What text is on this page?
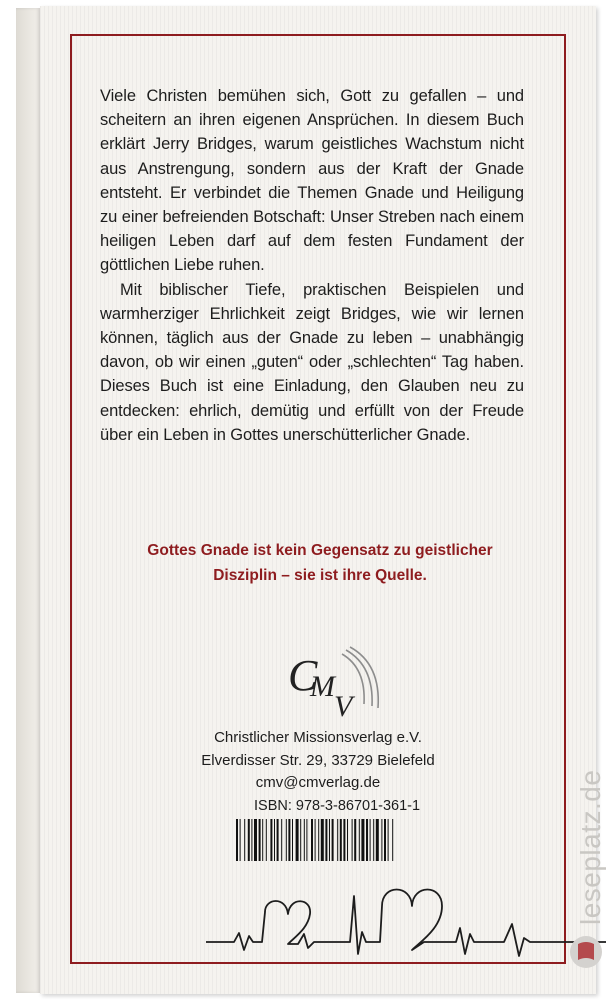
Viele Christen bemühen sich, Gott zu gefallen – und scheitern an ihren eigenen Ansprüchen. In diesem Buch erklärt Jerry Bridges, warum geistliches Wachstum nicht aus Anstrengung, sondern aus der Kraft der Gnade entsteht. Er verbindet die Themen Gnade und Heiligung zu einer befreienden Botschaft: Unser Streben nach einem heiligen Leben darf auf dem festen Fundament der göttlichen Liebe ruhen.

Mit biblischer Tiefe, praktischen Beispielen und warmherziger Ehrlichkeit zeigt Bridges, wie wir lernen können, täglich aus der Gnade zu leben – unabhängig davon, ob wir einen „guten“ oder „schlechten“ Tag haben. Dieses Buch ist eine Einladung, den Glauben neu zu entdecken: ehrlich, demütig und erfüllt von der Freude über ein Leben in Gottes unerschütterlicher Gnade.

Gottes Gnade ist kein Gegensatz zu geistlicher
Disziplin – sie ist ihre Quelle.
C
M
V
Christlicher Missionsverlag e.V.
Elverdisser Str. 29, 33729 Bielefeld
cmv@cmverlag.de
ISBN: 978-3-86701-361-1	leseplatz.de
